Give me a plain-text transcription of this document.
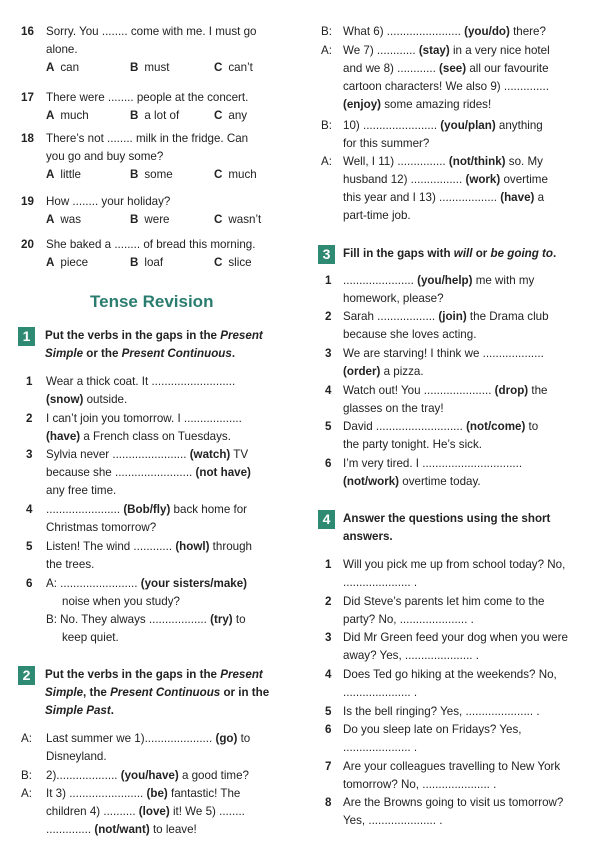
16 Sorry. You ........ come with me. I must go
alone.
A can	B must	C can’t
17 There were ........ people at the concert.
A much	B a lot of	C any
18 There’s not ........ milk in the fridge. Can
you go and buy some?
A little	B some	C much
19 How ........ your holiday?
A was	B were	C wasn’t
20 She baked a ........ of bread this morning.
A piece	B loaf	C slice
Tense Revision
1	Put the verbs in the gaps in the Present
Simple or the Present Continuous.
1 Wear a thick coat. It ..........................
(snow) outside.
2 I can’t join you tomorrow. I ..................
(have) a French class on Tuesdays.
3 Sylvia never ....................... (watch) TV
because she ........................ (not have)
any free time.
4 ....................... (Bob/fly) back home for
Christmas tomorrow?
5 Listen! The wind ............ (howl) through
the trees.
6 A: ........................ (your sisters/make)
noise when you study?
B: No. They always .................. (try) to
keep quiet.
2	Put the verbs in the gaps in the Present
Simple, the Present Continuous or in the
Simple Past.
A: Last summer we 1)..................... (go) to
Disneyland.
B: 2)................... (you/have) a good time?
A: It 3) ....................... (be) fantastic! The
children 4) .......... (love) it! We 5) ........
.............. (not/want) to leave!
B: What 6) ....................... (you/do) there?
A: We 7) ............ (stay) in a very nice hotel
and we 8) ............ (see) all our favourite
cartoon characters! We also 9) ..............
(enjoy) some amazing rides!
B: 10) ....................... (you/plan) anything
for this summer?
A: Well, I 11) ............... (not/think) so. My
husband 12) ................ (work) overtime
this year and I 13) .................. (have) a
part-time job.
3	Fill in the gaps with will or be going to.
1 ...................... (you/help) me with my
homework, please?
2 Sarah .................. (join) the Drama club
because she loves acting.
3 We are starving! I think we ...................
(order) a pizza.
4 Watch out! You ..................... (drop) the
glasses on the tray!
5 David ........................... (not/come) to
the party tonight. He’s sick.
6 I’m very tired. I ...............................
(not/work) overtime today.
4	Answer the questions using the short
answers.
1 Will you pick me up from school today? No,
..................... .
2 Did Steve’s parents let him come to the
party? No, ..................... .
3 Did Mr Green feed your dog when you were
away? Yes, ..................... .
4 Does Ted go hiking at the weekends? No,
..................... .
5 Is the bell ringing? Yes, ..................... .
6 Do you sleep late on Fridays? Yes,
..................... .
7 Are your colleagues travelling to New York
tomorrow? No, ..................... .
8 Are the Browns going to visit us tomorrow?
Yes, ..................... .
